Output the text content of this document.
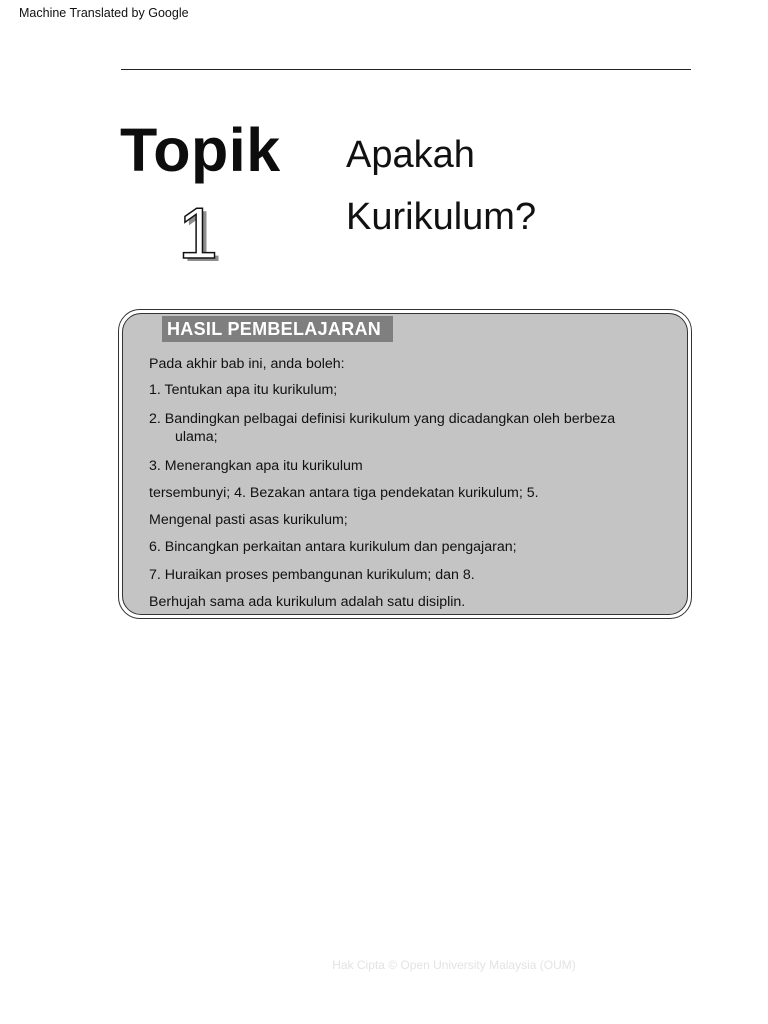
Machine Translated by Google
Topik
1
Apakah
Kurikulum?
HASIL PEMBELAJARAN
Pada akhir bab ini, anda boleh:
1. Tentukan apa itu kurikulum;
2. Bandingkan pelbagai definisi kurikulum yang dicadangkan oleh berbeza
ulama;
3. Menerangkan apa itu kurikulum
tersembunyi; 4. Bezakan antara tiga pendekatan kurikulum; 5.
Mengenal pasti asas kurikulum;
6. Bincangkan perkaitan antara kurikulum dan pengajaran;
7. Huraikan proses pembangunan kurikulum; dan 8.
Berhujah sama ada kurikulum adalah satu disiplin.
Hak Cipta © Open University Malaysia (OUM)
